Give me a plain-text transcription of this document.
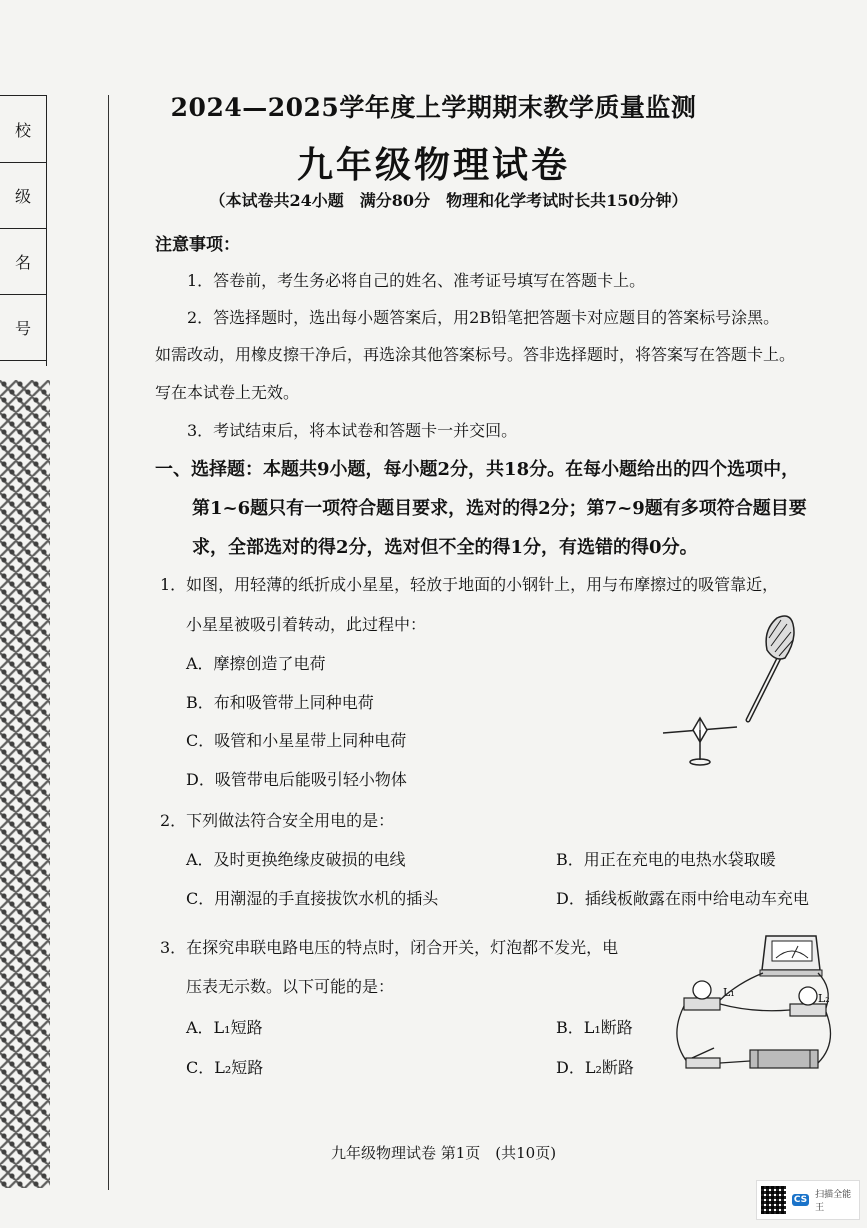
校
级
名
号
2024—2025学年度上学期期末教学质量监测
九年级物理试卷
（本试卷共24小题　满分80分　物理和化学考试时长共150分钟）
注意事项：
1．答卷前，考生务必将自己的姓名、准考证号填写在答题卡上。
2．答选择题时，选出每小题答案后，用2B铅笔把答题卡对应题目的答案标号涂黑。
如需改动，用橡皮擦干净后，再选涂其他答案标号。答非选择题时，将答案写在答题卡上。
写在本试卷上无效。
3．考试结束后，将本试卷和答题卡一并交回。
一、选择题：本题共9小题，每小题2分，共18分。在每小题给出的四个选项中，
第1~6题只有一项符合题目要求，选对的得2分；第7~9题有多项符合题目要
求，全部选对的得2分，选对但不全的得1分，有选错的得0分。
1．如图，用轻薄的纸折成小星星，轻放于地面的小钢针上，用与布摩擦过的吸管靠近，
小星星被吸引着转动，此过程中：
A．摩擦创造了电荷
B．布和吸管带上同种电荷
C．吸管和小星星带上同种电荷
D．吸管带电后能吸引轻小物体
2．下列做法符合安全用电的是：
A．及时更换绝缘皮破损的电线	B．用正在充电的电热水袋取暖
C．用潮湿的手直接拔饮水机的插头	D．插线板敞露在雨中给电动车充电
3．在探究串联电路电压的特点时，闭合开关，灯泡都不发光，电
压表无示数。以下可能的是：
A．L₁短路	B．L₁断路
C．L₂短路	D．L₂断路
L₁	L₂
九年级物理试卷 第1页　(共10页)
CS 扫描全能王
